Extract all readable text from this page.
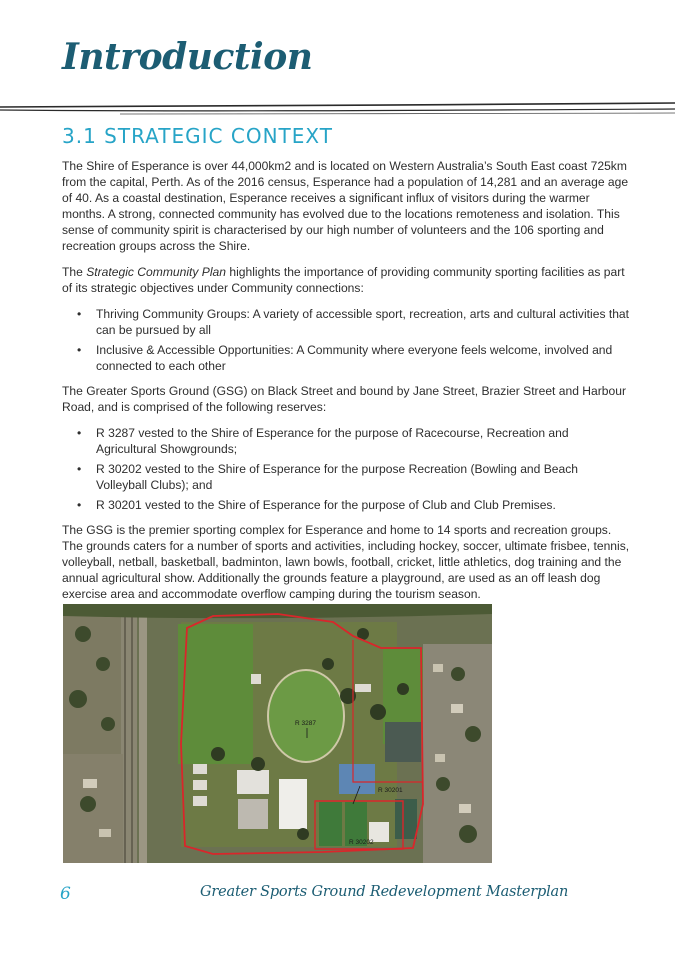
Introduction
3.1 STRATEGIC CONTEXT

The Shire of Esperance is over 44,000km2 and is located on Western Australia’s South East coast 725km from the capital, Perth. As of the 2016 census, Esperance had a population of 14,281 and an average age of 40. As a coastal destination, Esperance receives a significant influx of visitors during the warmer months. A strong, connected community has evolved due to the locations remoteness and isolation. This sense of community spirit is characterised by our high number of volunteers and the 106 sporting and recreation groups across the Shire.

The Strategic Community Plan highlights the importance of providing community sporting facilities as part of its strategic objectives under Community connections:

• Thriving Community Groups: A variety of accessible sport, recreation, arts and cultural activities that can be pursued by all
• Inclusive & Accessible Opportunities: A Community where everyone feels welcome, involved and connected to each other

The Greater Sports Ground (GSG) on Black Street and bound by Jane Street, Brazier Street and Harbour Road, and is comprised of the following reserves:

• R 3287 vested to the Shire of Esperance for the purpose of Racecourse, Recreation and Agricultural Showgrounds;
• R 30202 vested to the Shire of Esperance for the purpose Recreation (Bowling and Beach Volleyball Clubs); and
• R 30201 vested to the Shire of Esperance for the purpose of Club and Club Premises.

The GSG is the premier sporting complex for Esperance and home to 14 sports and recreation groups. The grounds caters for a number of sports and activities, including hockey, soccer, ultimate frisbee, tennis, volleyball, netball, basketball, badminton, lawn bowls, football, cricket, little athletics, dog training and the annual agricultural show. Additionally the grounds feature a playground, are used as an off leash dog exercise area and accommodate overflow camping during the tourism season.

R 3287
R 30201
R 30202
6	Greater Sports Ground Redevelopment Masterplan
